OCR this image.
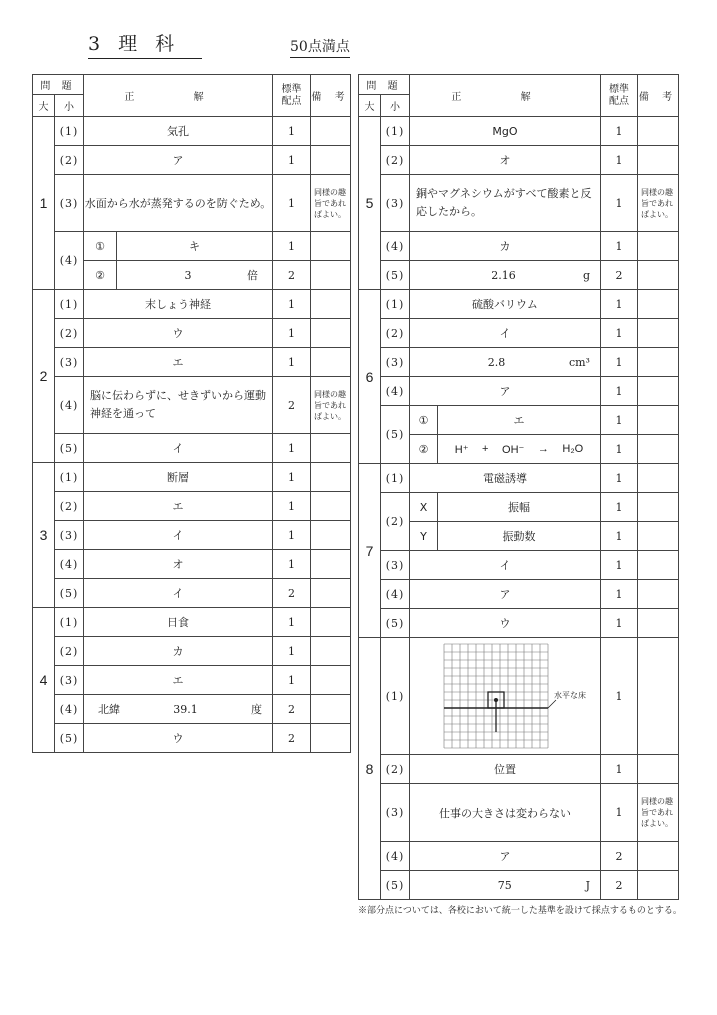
3 理 科	50点満点
問 題		正 解		標準
配点	備 考
大	小				
1	(1)	気孔		1	
	(2)	ア		1	
	(3)	水面から水が蒸発するのを防ぐため。		1	同様の趣旨であればよい。
	(4)	①	キ	1	
		②	3 倍	2	
2	(1)	末しょう神経		1	
	(2)	ウ		1	
	(3)	エ		1	
	(4)	脳に伝わらずに、せきずいから運動神経を通って		2	同様の趣旨であればよい。
	(5)	イ		1	
3	(1)	断層		1	
	(2)	エ		1	
	(3)	イ		1	
	(4)	オ		1	
	(5)	イ		2	
4	(1)	日食		1	
	(2)	カ		1	
	(3)	エ		1	
	(4)	北緯 39.1 度		2	
	(5)	ウ		2	
問 題		正 解		標準
配点	備 考
大	小				
5	(1)	MgO		1	
	(2)	オ		1	
	(3)	銅やマグネシウムがすべて酸素と反応したから。		1	同様の趣旨であればよい。
	(4)	カ		1	
	(5)	2.16 g		2	
6	(1)	硫酸バリウム		1	
	(2)	イ		1	
	(3)	2.8 cm³		1	
	(4)	ア		1	
	(5)	①	エ	1	
		②	H⁺ + OH⁻ → H₂O	1	
7	(1)	電磁誘導		1	
	(2)	X	振幅	1	
		Y	振動数	1	
	(3)	イ		1	
	(4)	ア		1	
	(5)	ウ		1	
8	(1)	水平な床		1	
	(2)	位置		1	
	(3)	仕事の大きさは変わらない		1	同様の趣旨であればよい。
	(4)	ア		2	
	(5)	75 J		2	
※部分点については、各校において統一した基準を設けて採点するものとする。
